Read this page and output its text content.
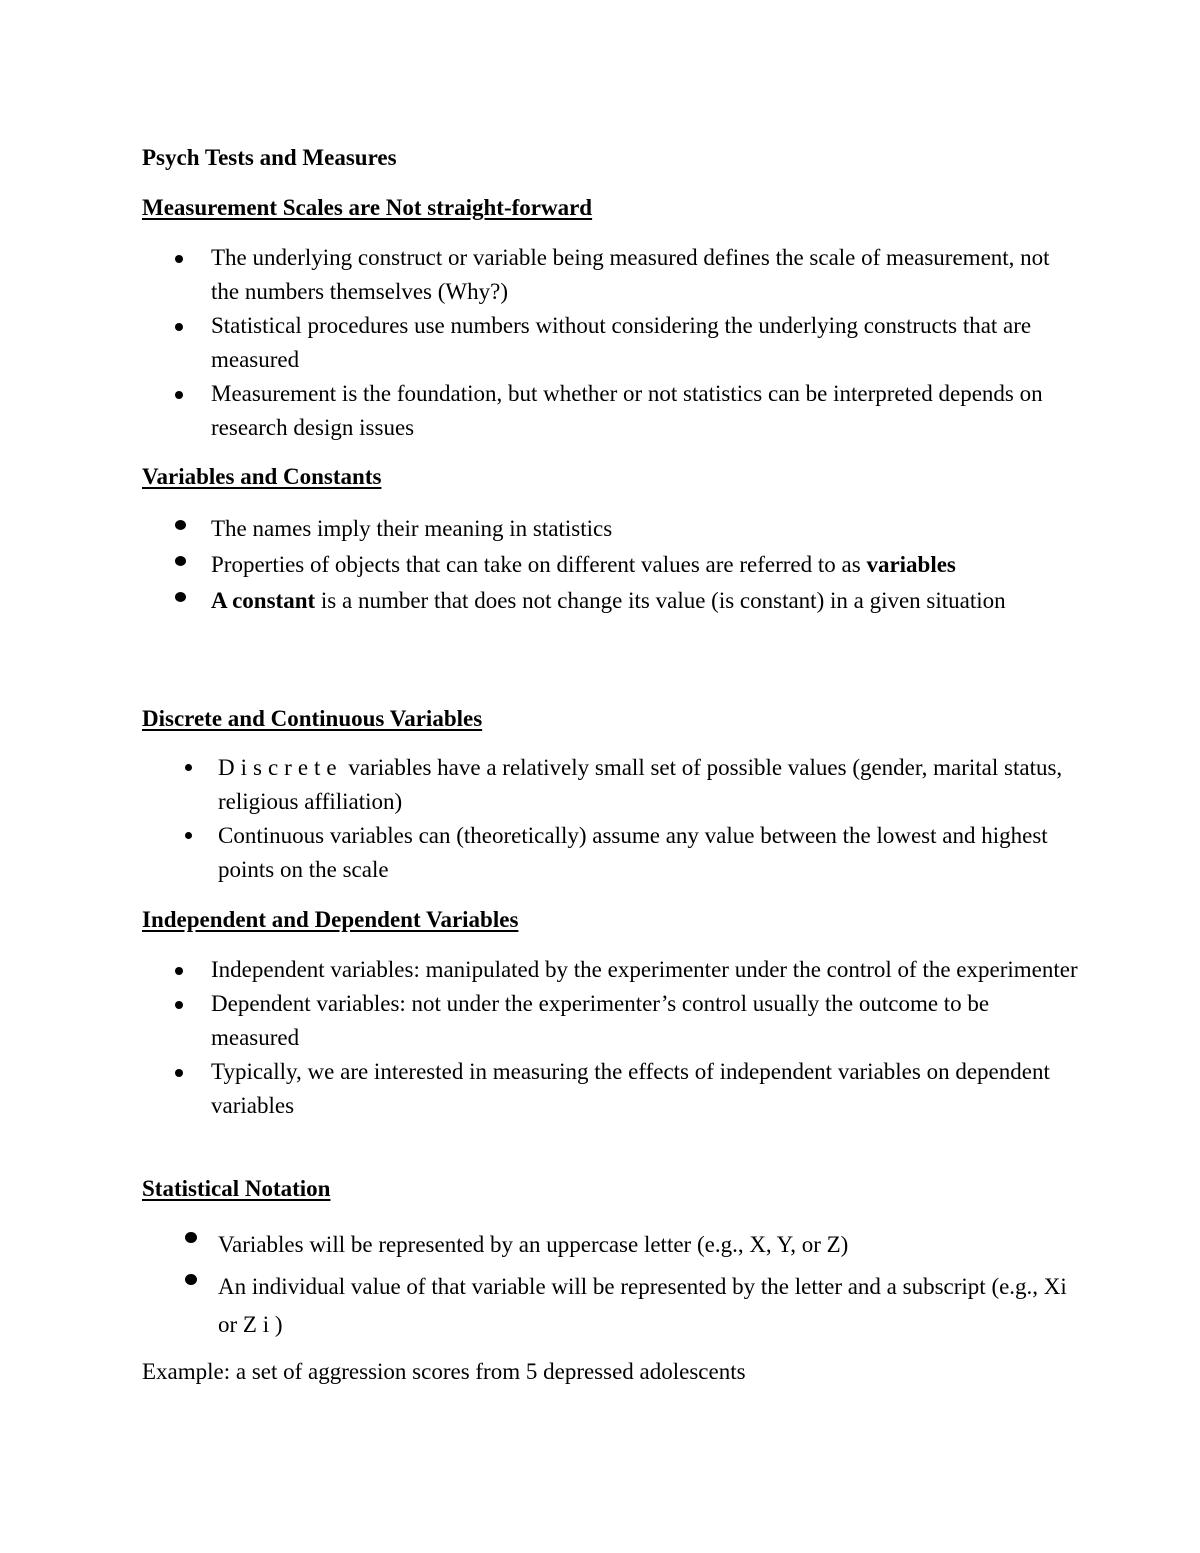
Psych Tests and Measures
Measurement Scales are Not straight-forward
The underlying construct or variable being measured defines the scale of measurement, not the numbers themselves (Why?)
Statistical procedures use numbers without considering the underlying constructs that are measured
Measurement is the foundation, but whether or not statistics can be interpreted depends on research design issues
Variables and Constants
The names imply their meaning in statistics
Properties of objects that can take on different values are referred to as variables
A constant is a number that does not change its value (is constant) in a given situation
Discrete and Continuous Variables
Discrete variables have a relatively small set of possible values (gender, marital status, religious affiliation)
Continuous variables can (theoretically) assume any value between the lowest and highest points on the scale
Independent and Dependent Variables
Independent variables: manipulated by the experimenter under the control of the experimenter
Dependent variables: not under the experimenter’s control usually the outcome to be measured
Typically, we are interested in measuring the effects of independent variables on dependent variables
Statistical Notation
Variables will be represented by an uppercase letter (e.g., X, Y, or Z)
An individual value of that variable will be represented by the letter and a subscript (e.g., Xi or Z i )
Example: a set of aggression scores from 5 depressed adolescents
